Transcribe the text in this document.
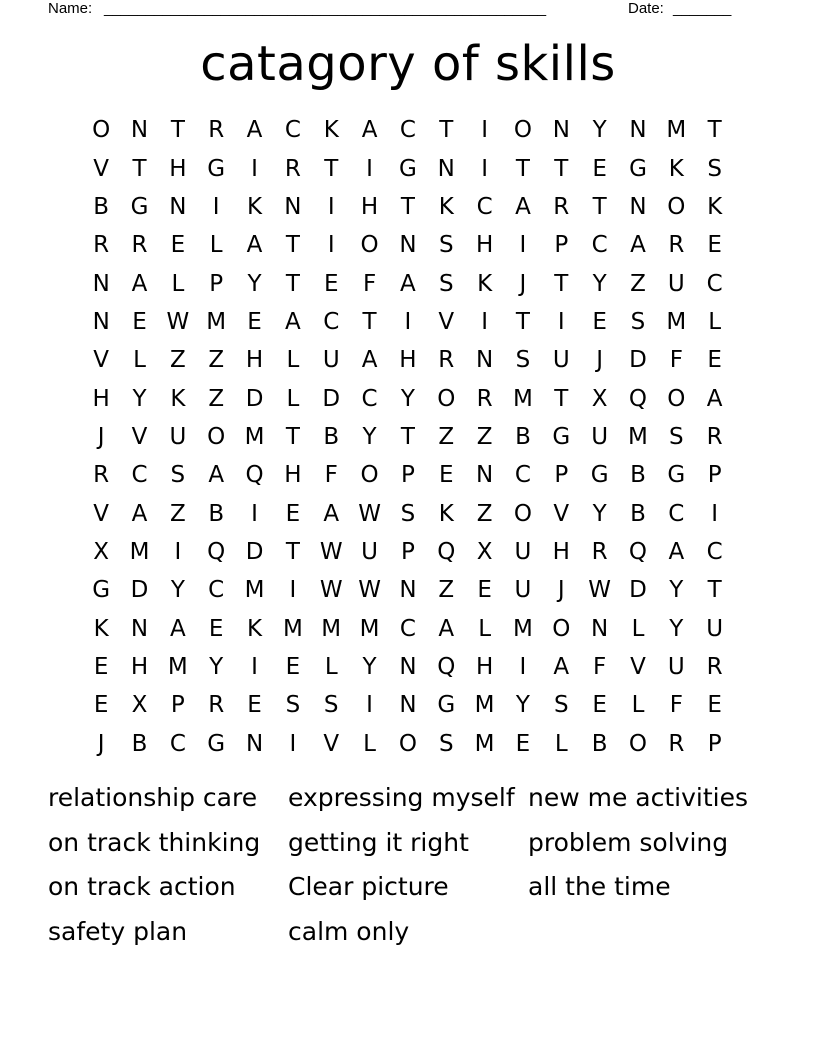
Name: _____________________________________________________	Date: _______
catagory of skills
O N T	R A C K A C	T	I	O N Y N M T
V	T H G	I	R	T	I	G N	I	T	T	E G K	S
B G N	I	K N	I	H T	K C A R	T N O K
R R	E	L	A	T	I	O N S H	I	P	C A R	E
N A	L	P	Y	T	E	F	A	S	K	J	T	Y	Z U C
N E W M E	A C	T	I	V	I	T	I	E	S M L
V	L	Z Z H	L	U A H R N S U	J	D F	E
H Y	K Z D	L	D C	Y O R M T	X Q O A
J	V U O M T	B	Y	T	Z Z B G U M S	R
R C	S	A Q H	F O P	E N C	P G B G P
V A Z B	I	E	A W S	K Z O V	Y	B C	I
X M	I	Q D T W U P Q X U H R Q A C
G D Y	C M	I	W W N Z	E U	J	W D Y	T
K N A	E	K M M M C A	L M O N	L	Y U
E H M Y	I	E	L	Y N Q H	I	A	F	V U R
E	X	P	R	E	S	S	I	N G M Y	S	E	L	F	E
J	B C G N	I	V	L O S M E	L	B O R	P
relationship care
on track thinking
on track action
safety plan
expressing myself
getting it right
Clear picture
calm only
new me activities
problem solving
all the time
